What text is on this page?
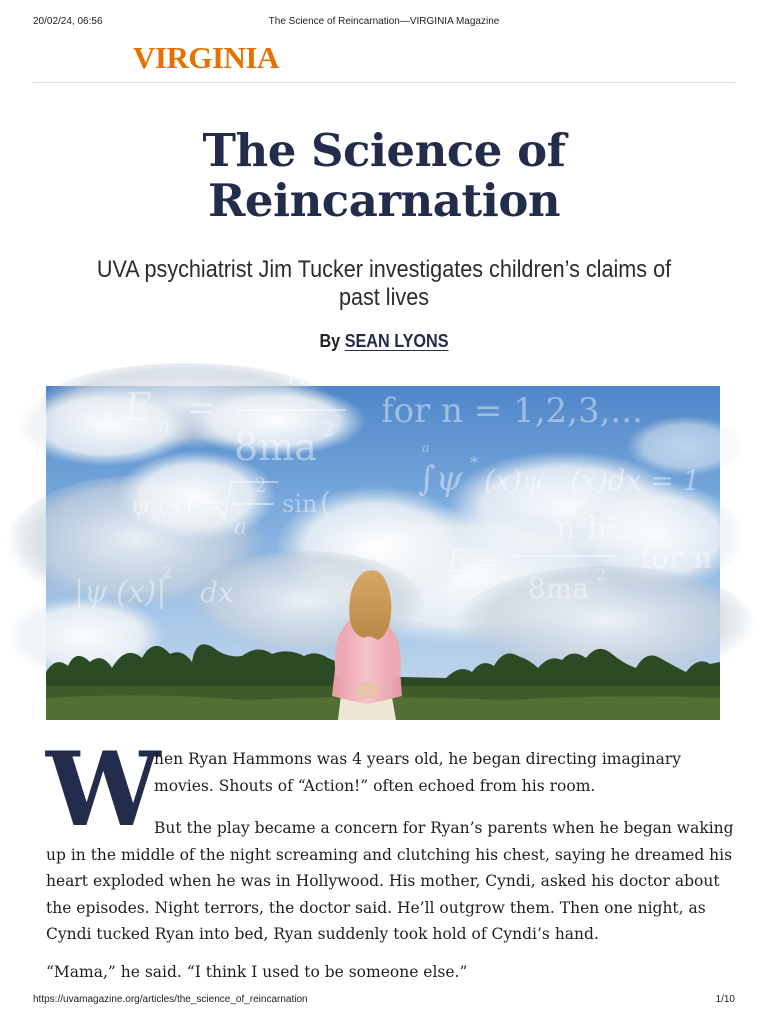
20/02/24, 06:56	The Science of Reincarnation—VIRGINIA Magazine
VIRGINIA
The Science of Reincarnation

UVA psychiatrist Jim Tucker investigates children’s claims of past lives

By SEAN LYONS
E n =
n
8ma 2 for n = 1,2,3,...
a
∫ψ *
(x)ψ (x)dx = 1
ψ n (x) =
2
a
sin (
|ψ (x)|
2
dx
n²h²
E =
8ma 2 for n
W

hen Ryan Hammons was 4 years old, he began directing imaginary movies. Shouts of “Action!” often echoed from his room.

But the play became a concern for Ryan’s parents when he began waking up in the middle of the night screaming and clutching his chest, saying he dreamed his heart exploded when he was in Hollywood. His mother, Cyndi, asked his doctor about the episodes. Night terrors, the doctor said. He’ll outgrow them. Then one night, as Cyndi tucked Ryan into bed, Ryan suddenly took hold of Cyndi’s hand.

“Mama,” he said. “I think I used to be someone else.”

https://uvamagazine.org/articles/the_science_of_reincarnation	1/10
